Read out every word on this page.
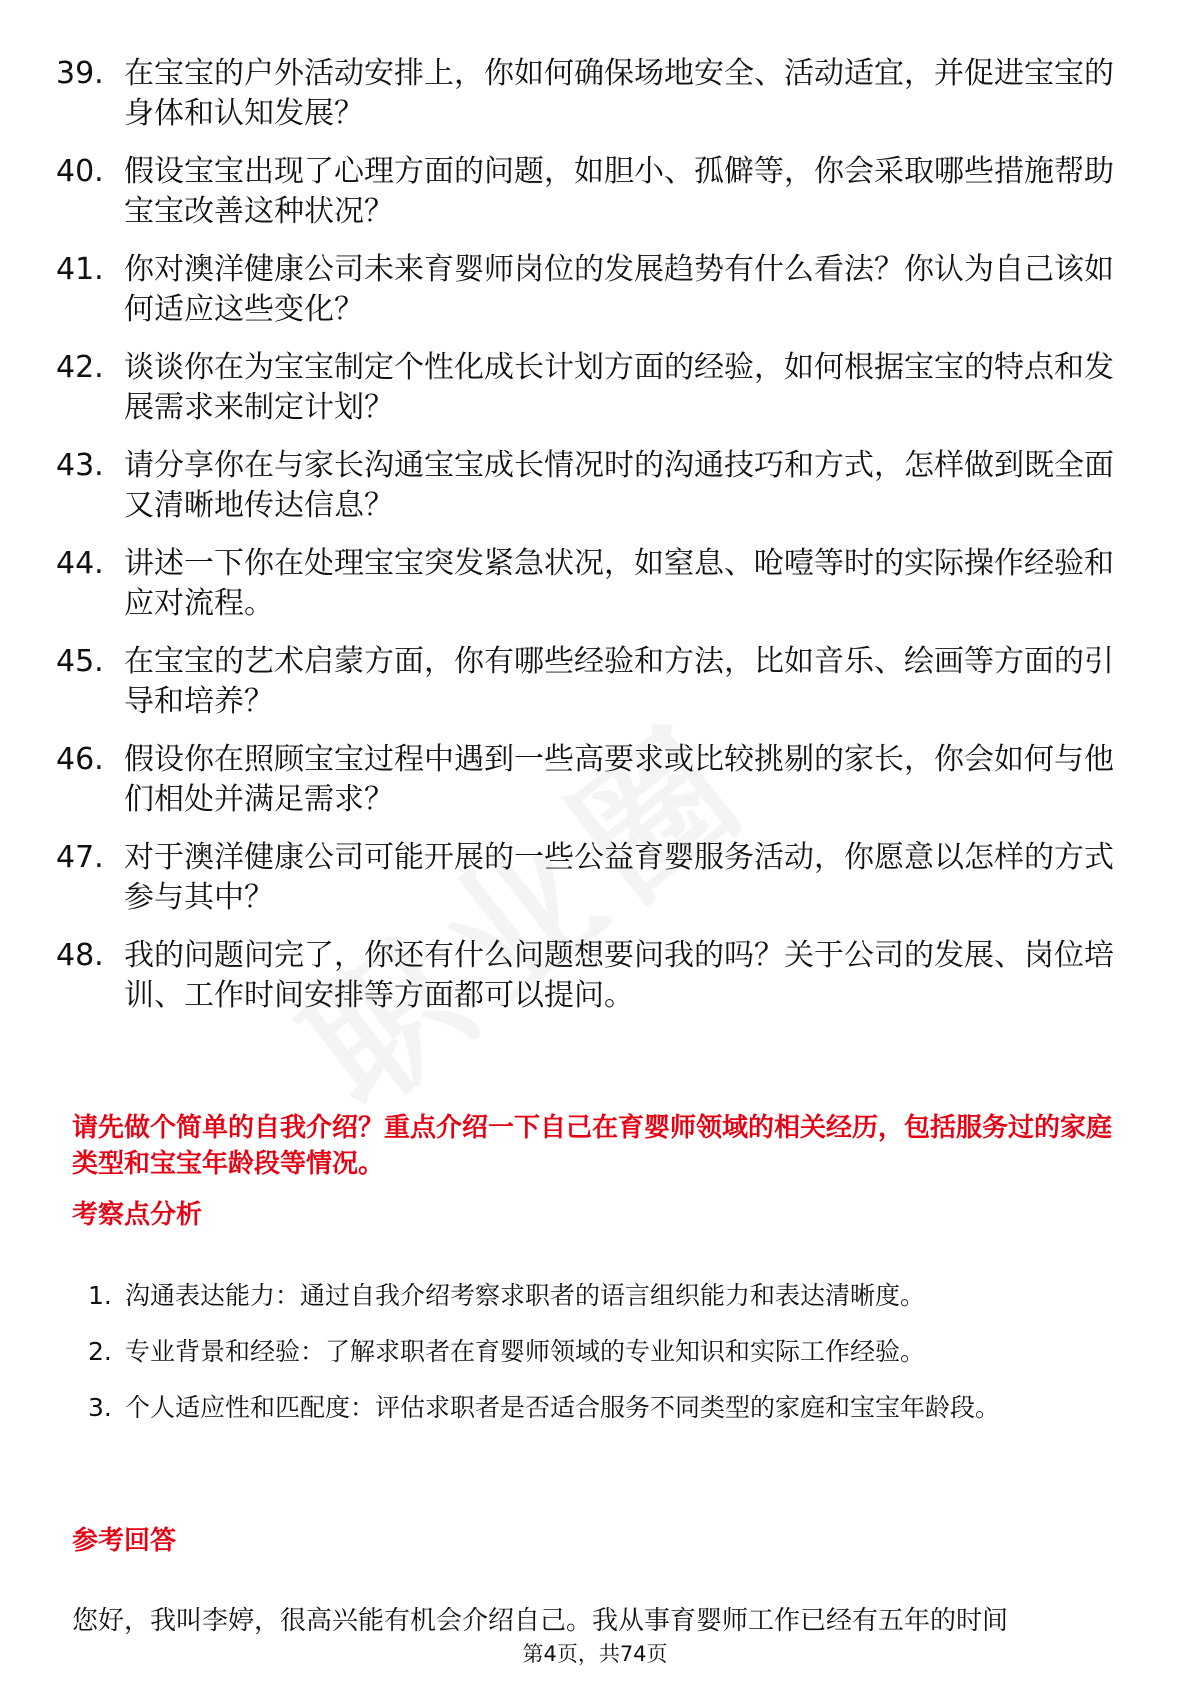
39. 在宝宝的户外活动安排上，你如何确保场地安全、活动适宜，并促进宝宝的身体和认知发展？
40. 假设宝宝出现了心理方面的问题，如胆小、孤僻等，你会采取哪些措施帮助宝宝改善这种状况？
41. 你对澳洋健康公司未来育婴师岗位的发展趋势有什么看法？你认为自己该如何适应这些变化？
42. 谈谈你在为宝宝制定个性化成长计划方面的经验，如何根据宝宝的特点和发展需求来制定计划？
43. 请分享你在与家长沟通宝宝成长情况时的沟通技巧和方式，怎样做到既全面又清晰地传达信息？
44. 讲述一下你在处理宝宝突发紧急状况，如窒息、呛噎等时的实际操作经验和应对流程。
45. 在宝宝的艺术启蒙方面，你有哪些经验和方法，比如音乐、绘画等方面的引导和培养？
46. 假设你在照顾宝宝过程中遇到一些高要求或比较挑剔的家长，你会如何与他们相处并满足需求？
47. 对于澳洋健康公司可能开展的一些公益育婴服务活动，你愿意以怎样的方式参与其中？
48. 我的问题问完了，你还有什么问题想要问我的吗？关于公司的发展、岗位培训、工作时间安排等方面都可以提问。
请先做个简单的自我介绍？重点介绍一下自己在育婴师领域的相关经历，包括服务过的家庭类型和宝宝年龄段等情况。
考察点分析
1. 沟通表达能力：通过自我介绍考察求职者的语言组织能力和表达清晰度。
2. 专业背景和经验：了解求职者在育婴师领域的专业知识和实际工作经验。
3. 个人适应性和匹配度：评估求职者是否适合服务不同类型的家庭和宝宝年龄段。
参考回答
您好，我叫李婷，很高兴能有机会介绍自己。我从事育婴师工作已经有五年的时间
第4页，共74页
